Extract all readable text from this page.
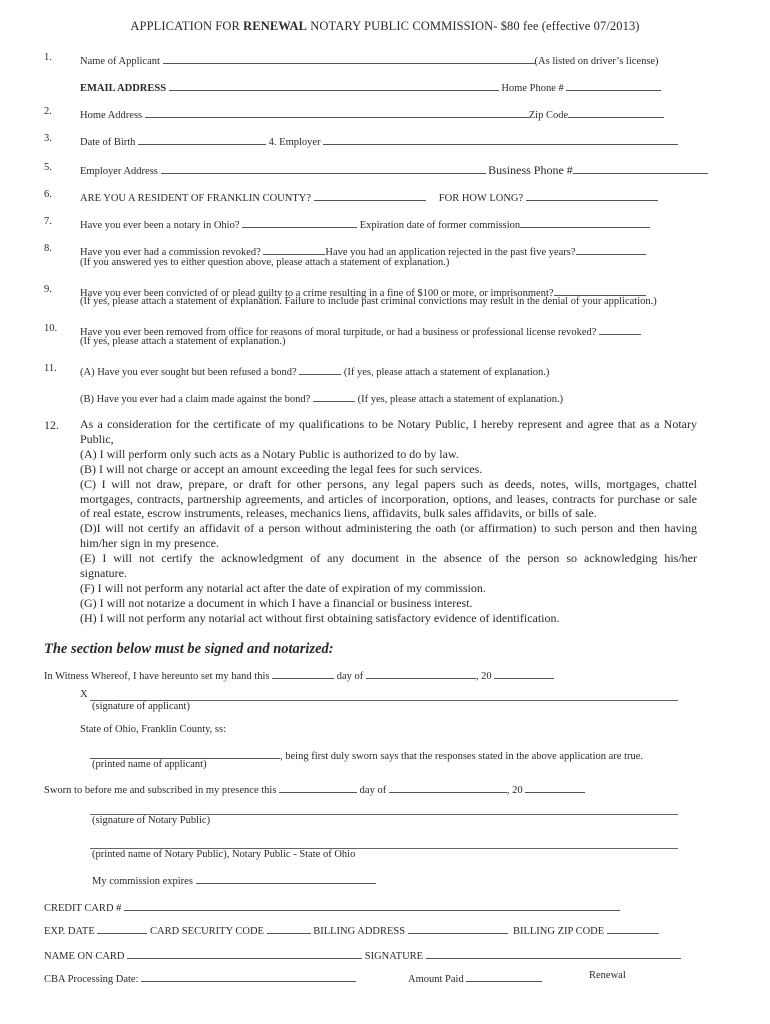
APPLICATION FOR RENEWAL NOTARY PUBLIC COMMISSION- $80 fee (effective 07/2013)
1.	Name of Applicant	(As listed on driver’s license)
EMAIL ADDRESS	Home Phone #
2.	Home Address	Zip Code
3.	Date of Birth	4. Employer
5.	Employer Address	Business Phone #
6.	ARE YOU A RESIDENT OF FRANKLIN COUNTY?	FOR HOW LONG?
7.	Have you ever been a notary in Ohio?	Expiration date of former commission
8.	Have you ever had a commission revoked?	Have you had an application rejected in the past five years?
(If you answered yes to either question above, please attach a statement of explanation.)
9.	Have you ever been convicted of or plead guilty to a crime resulting in a fine of $100 or more, or imprisonment?
(If yes, please attach a statement of explanation. Failure to include past criminal convictions may result in the denial of your application.)
10. Have you ever been removed from office for reasons of moral turpitude, or had a business or professional license revoked?
(If yes, please attach a statement of explanation.)
11. (A) Have you ever sought but been refused a bond?	(If yes, please attach a statement of explanation.)
(B) Have you ever had a claim made against the bond?	(If yes, please attach a statement of explanation.)
12. As a consideration for the certificate of my qualifications to be Notary Public, I hereby represent and agree that as a Notary

Public,

(A) I will perform only such acts as a Notary Public is authorized to do by law.

(B) I will not charge or accept an amount exceeding the legal fees for such services.

(C) I will not draw, prepare, or draft for other persons, any legal papers such as deeds, notes, wills, mortgages, chattel

mortgages, contracts, partnership agreements, and articles of incorporation, options, and leases, contracts for purchase or sale

of real estate, escrow instruments, releases, mechanics liens, affidavits, bulk sales affidavits, or bills of sale.

(D)I will not certify an affidavit of a person without administering the oath (or affirmation) to such person and then having

him/her sign in my presence.

(E) I will not certify the acknowledgment of any document in the absence of the person so acknowledging his/her

signature.

(F) I will not perform any notarial act after the date of expiration of my commission.

(G) I will not notarize a document in which I have a financial or business interest.

(H) I will not perform any notarial act without first obtaining satisfactory evidence of identification.

The section below must be signed and notarized:
In Witness Whereof, I have hereunto set my hand this	day of	, 20
X
(signature of applicant)
State of Ohio, Franklin County, ss:
, being first duly sworn says that the responses stated in the above application are true.
(printed name of applicant)
Sworn to before me and subscribed in my presence this	day of	, 20
(signature of Notary Public)
(printed name of Notary Public), Notary Public - State of Ohio
My commission expires
CREDIT CARD #
EXP. DATE	CARD SECURITY CODE	BILLING ADDRESS	BILLING ZIP CODE
NAME ON CARD	SIGNATURE
CBA Processing Date:	Amount Paid	Renewal
